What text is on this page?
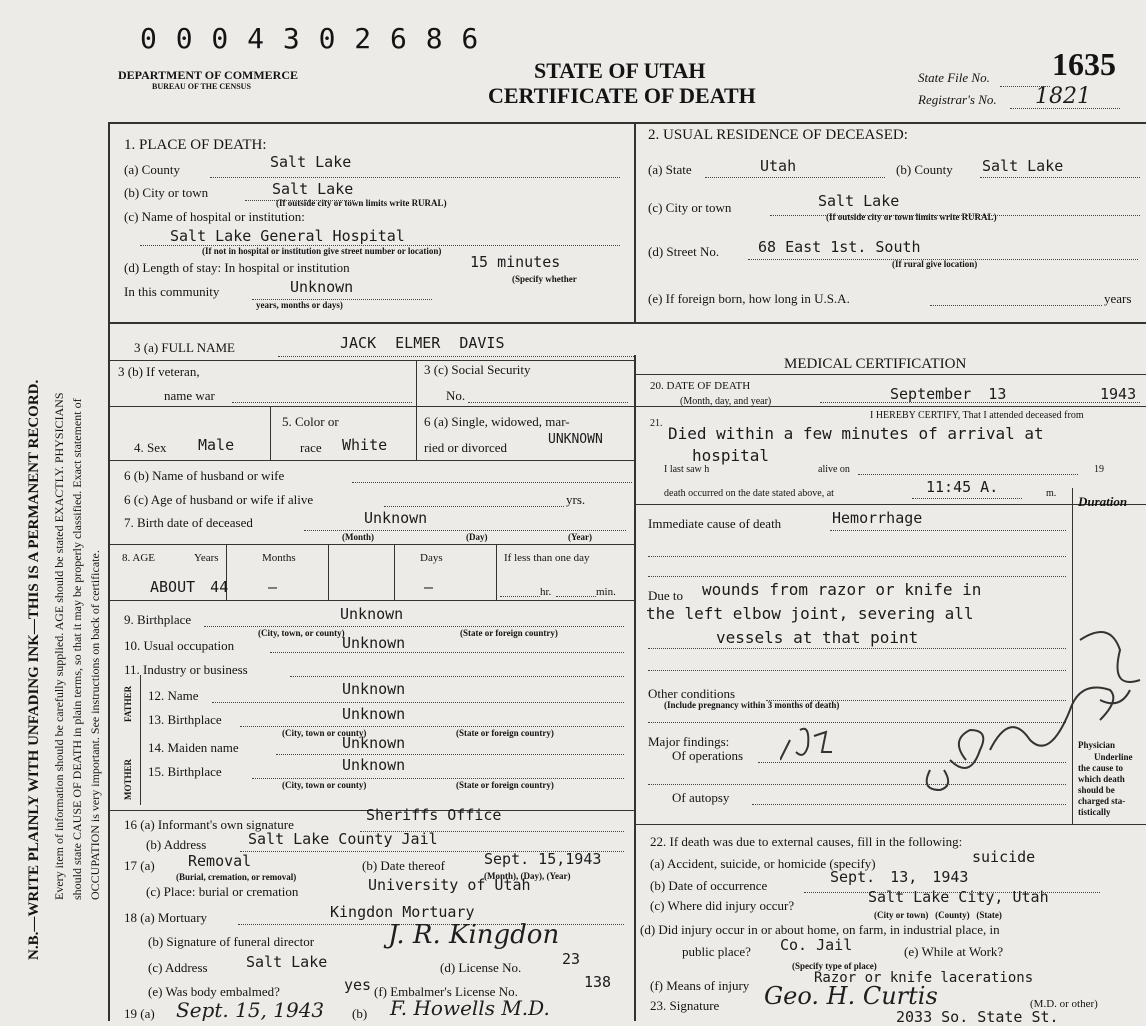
0 0 0 4 3 0 2 6 8 6
DEPARTMENT OF COMMERCE
BUREAU OF THE CENSUS
STATE OF UTAH
CERTIFICATE OF DEATH
State File No. 1635
Registrar's No. 1821
N.B.—WRITE PLAINLY WITH UNFADING INK—THIS IS A PERMANENT RECORD. Every item of information should be carefully supplied. AGE should be stated EXACTLY. PHYSICIANS should state CAUSE OF DEATH in plain terms, so that it may be properly classified. Exact statement of OCCUPATION is very important. See instructions on back of certificate.
1. PLACE OF DEATH:
(a) County	Salt Lake
(b) City or town	Salt Lake
(If outside city or town limits write RURAL)
(c) Name of hospital or institution:
Salt Lake General Hospital
(If not in hospital or institution give street number or location)
(d) Length of stay: In hospital or institution	15 minutes
(Specify whether
In this community	Unknown
years, months or days)
2. USUAL RESIDENCE OF DECEASED:
(a) State	Utah	(b) County Salt Lake
(c) City or town	Salt Lake
(If outside city or town limits write RURAL)
(d) Street No.	68 East 1st. South
(If rural give location)
(e) If foreign born, how long in U.S.A.	years
3 (a) FULL NAME	JACK ELMER DAVIS
3 (b) If veteran,
name war
3 (c) Social Security
No.
4. Sex Male
5. Color or
race White
6 (a) Single, widowed, mar-
ried or divorced
UNKNOWN
6 (b) Name of husband or wife
6 (c) Age of husband or wife if alive	yrs.
7. Birth date of deceased	Unknown
(Month)	(Day)	(Year)
8. AGE	Years	Months	Days	If less than one day
ABOUT 44	—	—	hr.	min.
9. Birthplace	Unknown
(City, town, or county)	(State or foreign country)
10. Usual occupation	Unknown
11. Industry or business
FATHER
MOTHER
12. Name	Unknown
13. Birthplace	Unknown
(City, town or county)	(State or foreign country)
14. Maiden name	Unknown
15. Birthplace	Unknown
(City, town or county)	(State or foreign country)
16 (a) Informant's own signature
Sheriffs Office
(b) Address	Salt Lake County Jail
17 (a) Removal
(Burial, cremation, or removal)
(b) Date thereof	Sept. 15,1943
(Month), (Day), (Year)
(c) Place: burial or cremation	University of Utah
18 (a) Mortuary	Kingdon Mortuary
(b) Signature of funeral director	J. R. Kingdon
(c) Address	Salt Lake	(d) License No.	23
(e) Was body embalmed?	yes (f) Embalmer's License No.
138
19 (a) Sept. 15, 1943 (b) F. Howells M.D.
MEDICAL CERTIFICATION
20. DATE OF DEATH
(Month, day, and year)	September 13	1943
I HEREBY CERTIFY, That I attended deceased from
21.
Died within a few minutes of arrival at
hospital
I last saw h	alive on	19
death occurred on the date stated above, at	11:45 A.	m.
Duration
Immediate cause of death	Hemorrhage
Due to wounds from razor or knife in
the left elbow joint, severing all
vessels at that point
Other conditions
(Include pregnancy within 3 months of death)
Major findings:
Of operations
Of autopsy
Physician
Underline
the cause to
which death
should be
charged sta-
tistically
22. If death was due to external causes, fill in the following:
(a) Accident, suicide, or homicide (specify)	suicide
(b) Date of occurrence	Sept. 13, 1943
(c) Where did injury occur?	Salt Lake City, Utah
(City or town)   (County)   (State)
(d) Did injury occur in or about home, on farm, in industrial place, in
public place? Co. Jail	(e) While at Work?
(Specify type of place)
(f) Means of injury	Razor or knife lacerations
23. Signature Geo. H. Curtis	(M.D. or other)
2033 So. State St.
